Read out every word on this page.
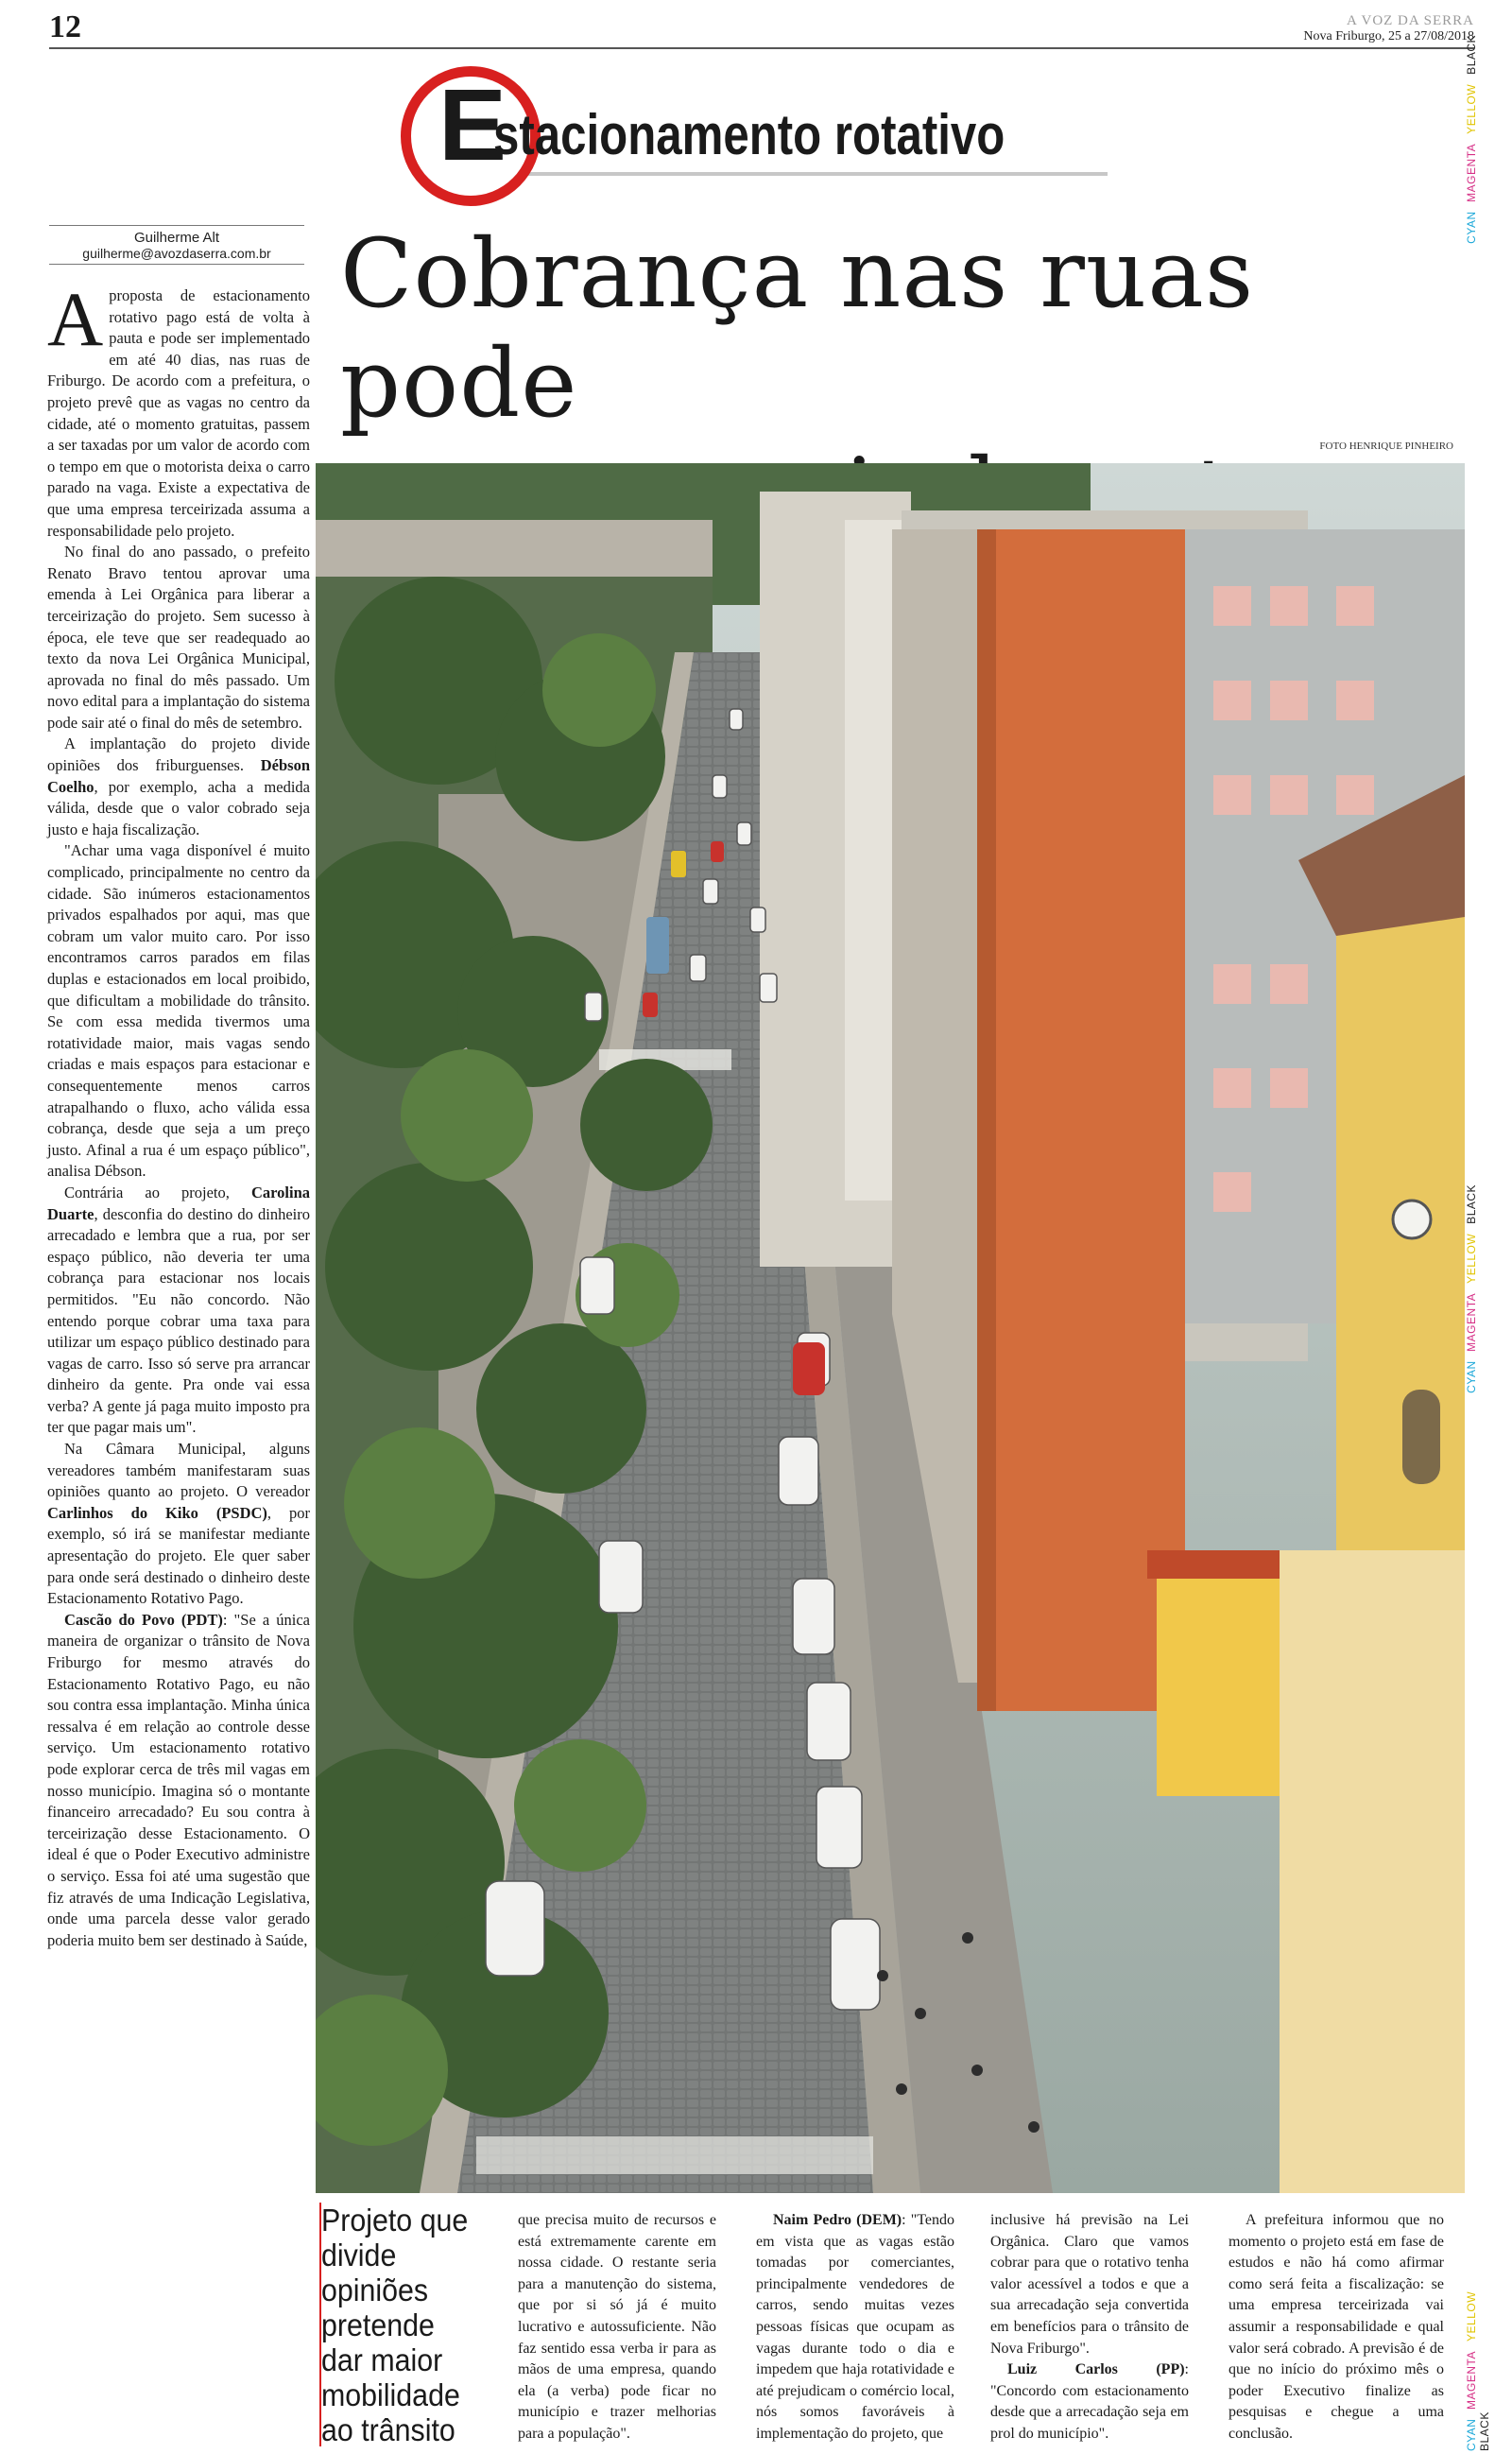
12	A VOZ DA SERRA
Nova Friburgo, 25 a 27/08/2018
CYAN MAGENTA YELLOW BLACK
CYAN MAGENTA YELLOW BLACK
CYAN MAGENTA YELLOW BLACK
E
stacionamento rotativo
Cobrança nas ruas pode
FOTO HENRIQUE PINHEIRO
Guilherme Alt
guilherme@avozdaserra.com.br

Aproposta de estacionamento rotativo pago está de volta à pauta e pode ser implementado em até 40 dias, nas ruas de Friburgo. De acordo com a prefeitura, o projeto prevê que as vagas no centro da cidade, até o momento gratuitas, passem a ser taxadas por um valor de acordo com o tempo em que o motorista deixa o carro parado na vaga. Existe a expectativa de que uma empresa terceirizada assuma a responsabilidade pelo projeto.

No final do ano passado, o prefeito Renato Bravo tentou aprovar uma emenda à Lei Orgânica para liberar a terceirização do projeto. Sem sucesso à época, ele teve que ser readequado ao texto da nova Lei Orgânica Municipal, aprovada no final do mês passado. Um novo edital para a implantação do sistema pode sair até o final do mês de setembro.

A implantação do projeto divide opiniões dos friburguenses. Débson Coelho, por exemplo, acha a medida válida, desde que o valor cobrado seja justo e haja fiscalização.

"Achar uma vaga disponível é muito complicado, principalmente no centro da cidade. São inúmeros estacionamentos privados espalhados por aqui, mas que cobram um valor muito caro. Por isso encontramos carros parados em filas duplas e estacionados em local proibido, que dificultam a mobilidade do trânsito. Se com essa medida tivermos uma rotatividade maior, mais vagas sendo criadas e mais espaços para estacionar e consequentemente menos carros atrapalhando o fluxo, acho válida essa cobrança, desde que seja a um preço justo. Afinal a rua é um espaço público", analisa Débson.

Contrária ao projeto, Carolina Duarte, desconfia do destino do dinheiro arrecadado e lembra que a rua, por ser espaço público, não deveria ter uma cobrança para estacionar nos locais permitidos. "Eu não concordo. Não entendo porque cobrar uma taxa para utilizar um espaço público destinado para vagas de carro. Isso só serve pra arrancar dinheiro da gente. Pra onde vai essa verba? A gente já paga muito imposto pra ter que pagar mais um".

Na Câmara Municipal, alguns vereadores também manifestaram suas opiniões quanto ao projeto. O vereador Carlinhos do Kiko (PSDC), por exemplo, só irá se manifestar mediante apresentação do projeto. Ele quer saber para onde será destinado o dinheiro deste Estacionamento Rotativo Pago.

Cascão do Povo (PDT): "Se a única maneira de organizar o trânsito de Nova Friburgo for mesmo através do Estacionamento Rotativo Pago, eu não sou contra essa implantação. Minha única ressalva é em relação ao controle desse serviço. Um estacionamento rotativo pode explorar cerca de três mil vagas em nosso município. Imagina só o montante financeiro arrecadado? Eu sou contra à terceirização desse Estacionamento. O ideal é que o Poder Executivo administre o serviço. Essa foi até uma sugestão que fiz através de uma Indicação Legislativa, onde uma parcela desse valor gerado poderia muito bem ser destinado à Saúde,

Projeto que divide opiniões pretende dar maior mobilidade ao trânsito

que precisa muito de recursos e está extremamente carente em nossa cidade. O restante seria para a manutenção do sistema, que por si só já é muito lucrativo e autossuficiente. Não faz sentido essa verba ir para as mãos de uma empresa, quando ela (a verba) pode ficar no município e trazer melhorias para a população".

Naim Pedro (DEM): "Tendo em vista que as vagas estão tomadas por comerciantes, principalmente vendedores de carros, sendo muitas vezes pessoas físicas que ocupam as vagas durante todo o dia e impedem que haja rotatividade e até prejudicam o comércio local, nós somos favoráveis à implementação do projeto, que

inclusive há previsão na Lei Orgânica. Claro que vamos cobrar para que o rotativo tenha valor acessível a todos e que a sua arrecadação seja convertida em benefícios para o trânsito de Nova Friburgo".

Luiz Carlos (PP): "Concordo com estacionamento desde que a arrecadação seja em prol do município".

A prefeitura informou que no momento o projeto está em fase de estudos e não há como afirmar como será feita a fiscalização: se uma empresa terceirizada vai assumir a responsabilidade e qual valor será cobrado. A previsão é de que no início do próximo mês o poder Executivo finalize as pesquisas e chegue a uma conclusão.
